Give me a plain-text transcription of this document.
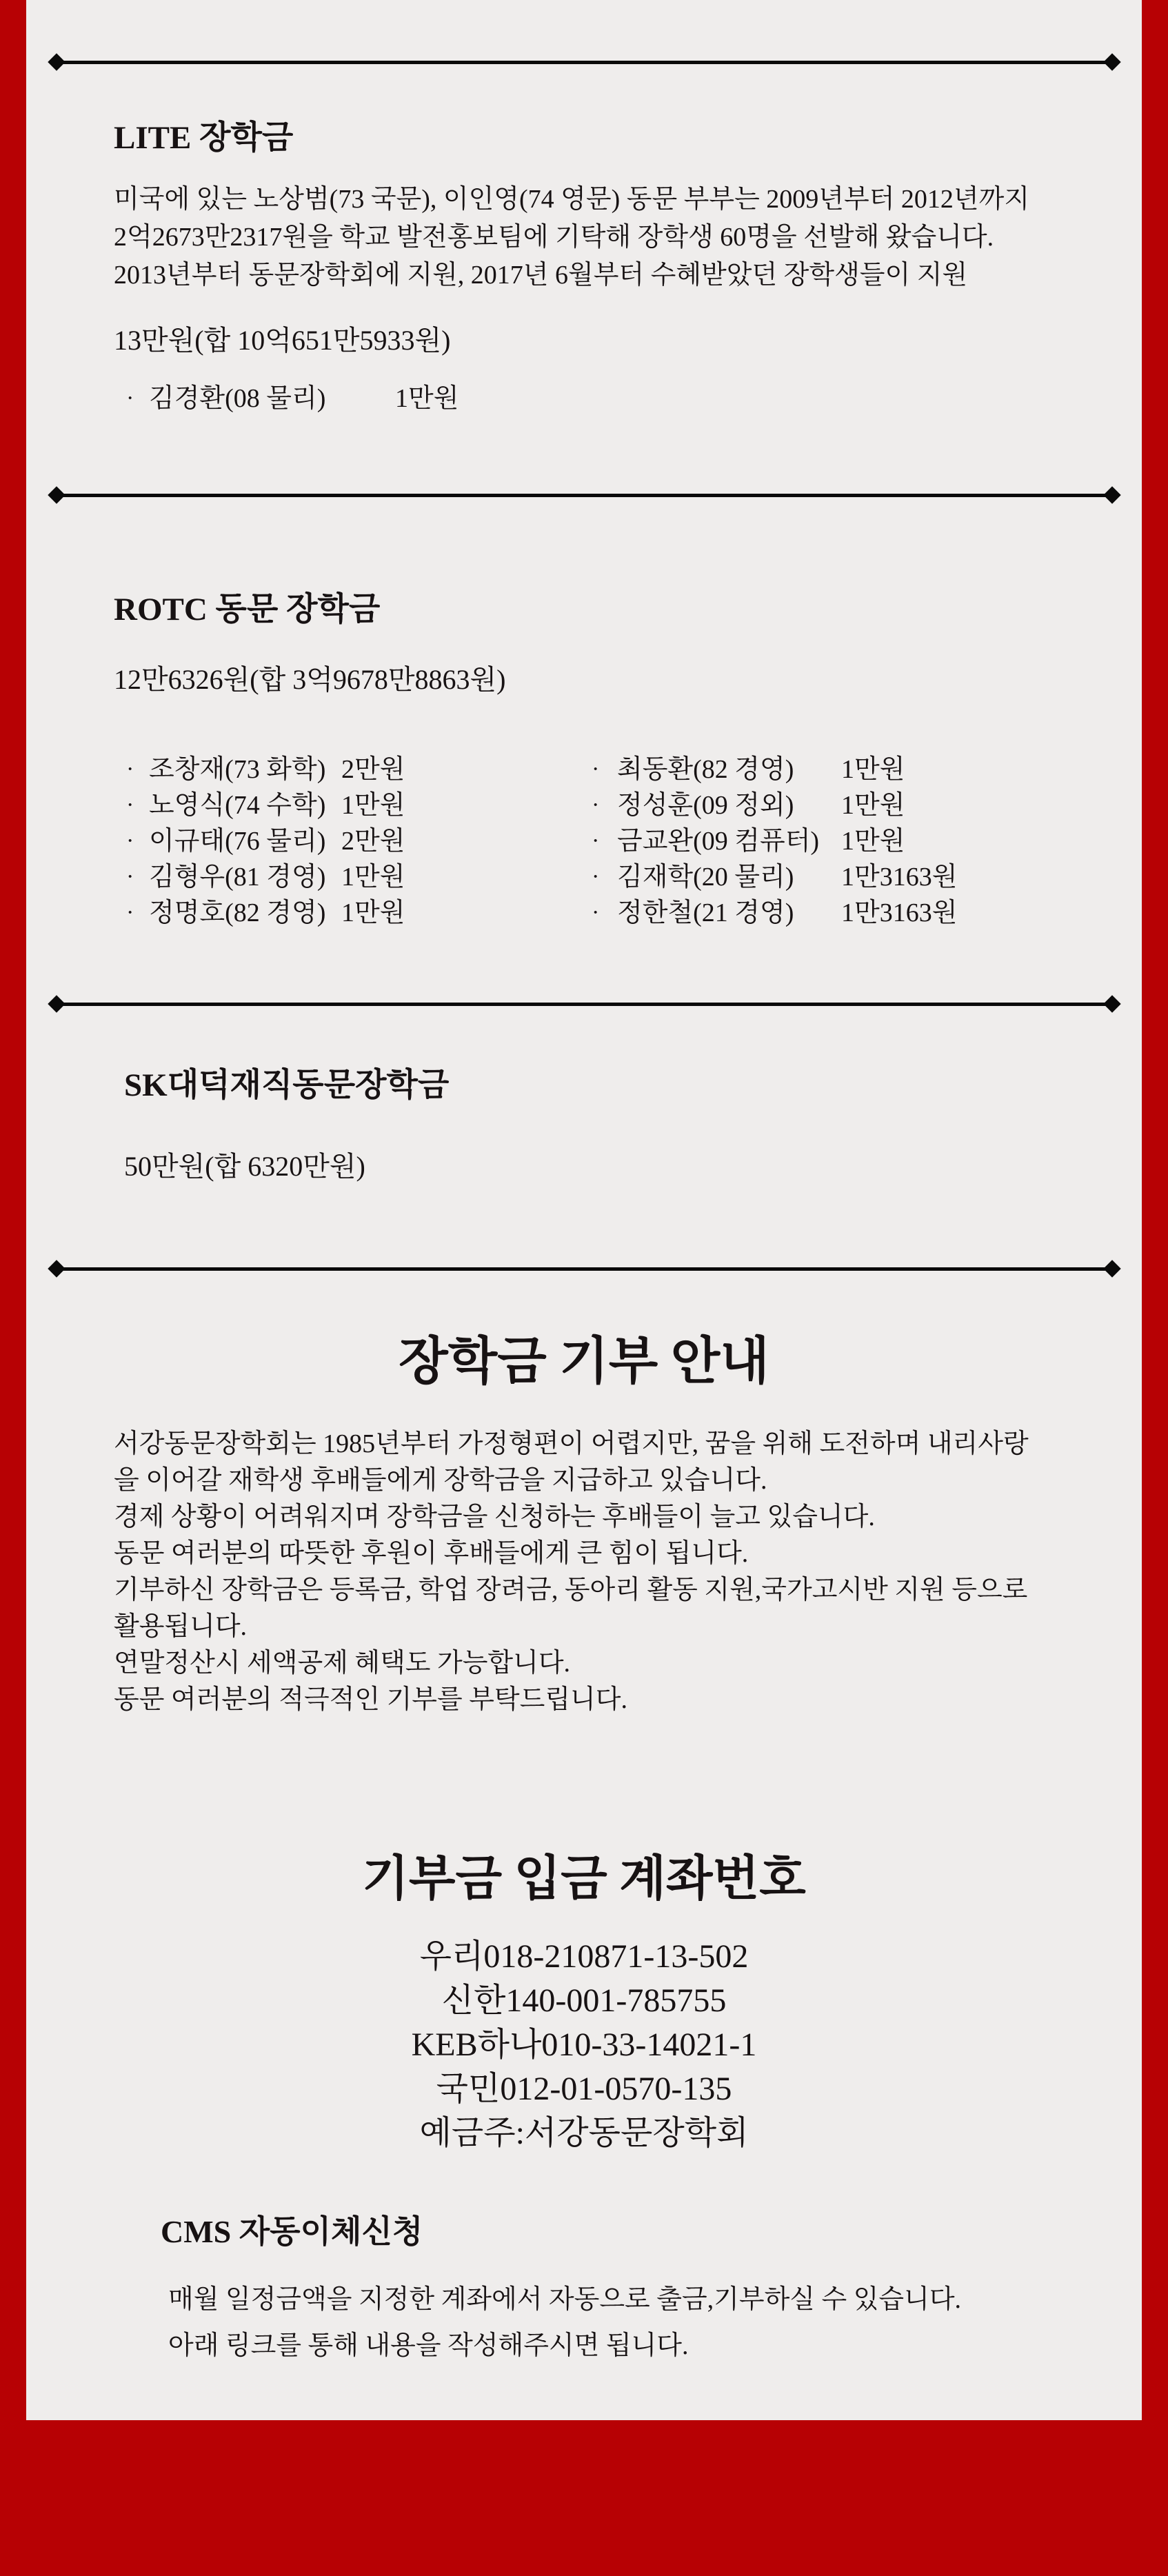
LITE 장학금
미국에 있는 노상범(73 국문), 이인영(74 영문) 동문 부부는 2009년부터 2012년까지
2억2673만2317원을 학교 발전홍보팀에 기탁해 장학생 60명을 선발해 왔습니다.
2013년부터 동문장학회에 지원, 2017년 6월부터 수혜받았던 장학생들이 지원
13만원(합 10억651만5933원)
· 김경환(08 물리)	1만원
ROTC 동문 장학금
12만6326원(합 3억9678만8863원)
· 조창재(73 화학) 2만원
· 노영식(74 수학) 1만원
· 이규태(76 물리) 2만원
· 김형우(81 경영) 1만원
· 정명호(82 경영) 1만원
· 최동환(82 경영)	1만원
· 정성훈(09 정외)	1만원
· 금교완(09 컴퓨터) 1만원
· 김재학(20 물리)	1만3163원
· 정한철(21 경영)	1만3163원
SK대덕재직동문장학금
50만원(합 6320만원)
장학금 기부 안내
서강동문장학회는 1985년부터 가정형편이 어렵지만, 꿈을 위해 도전하며 내리사랑
을 이어갈 재학생 후배들에게 장학금을 지급하고 있습니다.
경제 상황이 어려워지며 장학금을 신청하는 후배들이 늘고 있습니다.
동문 여러분의 따뜻한 후원이 후배들에게 큰 힘이 됩니다.
기부하신 장학금은 등록금, 학업 장려금, 동아리 활동 지원,국가고시반 지원 등으로
활용됩니다.
연말정산시 세액공제 혜택도 가능합니다.
동문 여러분의 적극적인 기부를 부탁드립니다.
기부금 입금 계좌번호
우리018-210871-13-502
신한140-001-785755
KEB하나010-33-14021-1
국민012-01-0570-135
예금주:서강동문장학회
CMS 자동이체신청
매월 일정금액을 지정한 계좌에서 자동으로 출금,기부하실 수 있습니다.
아래 링크를 통해 내용을 작성해주시면 됩니다.
